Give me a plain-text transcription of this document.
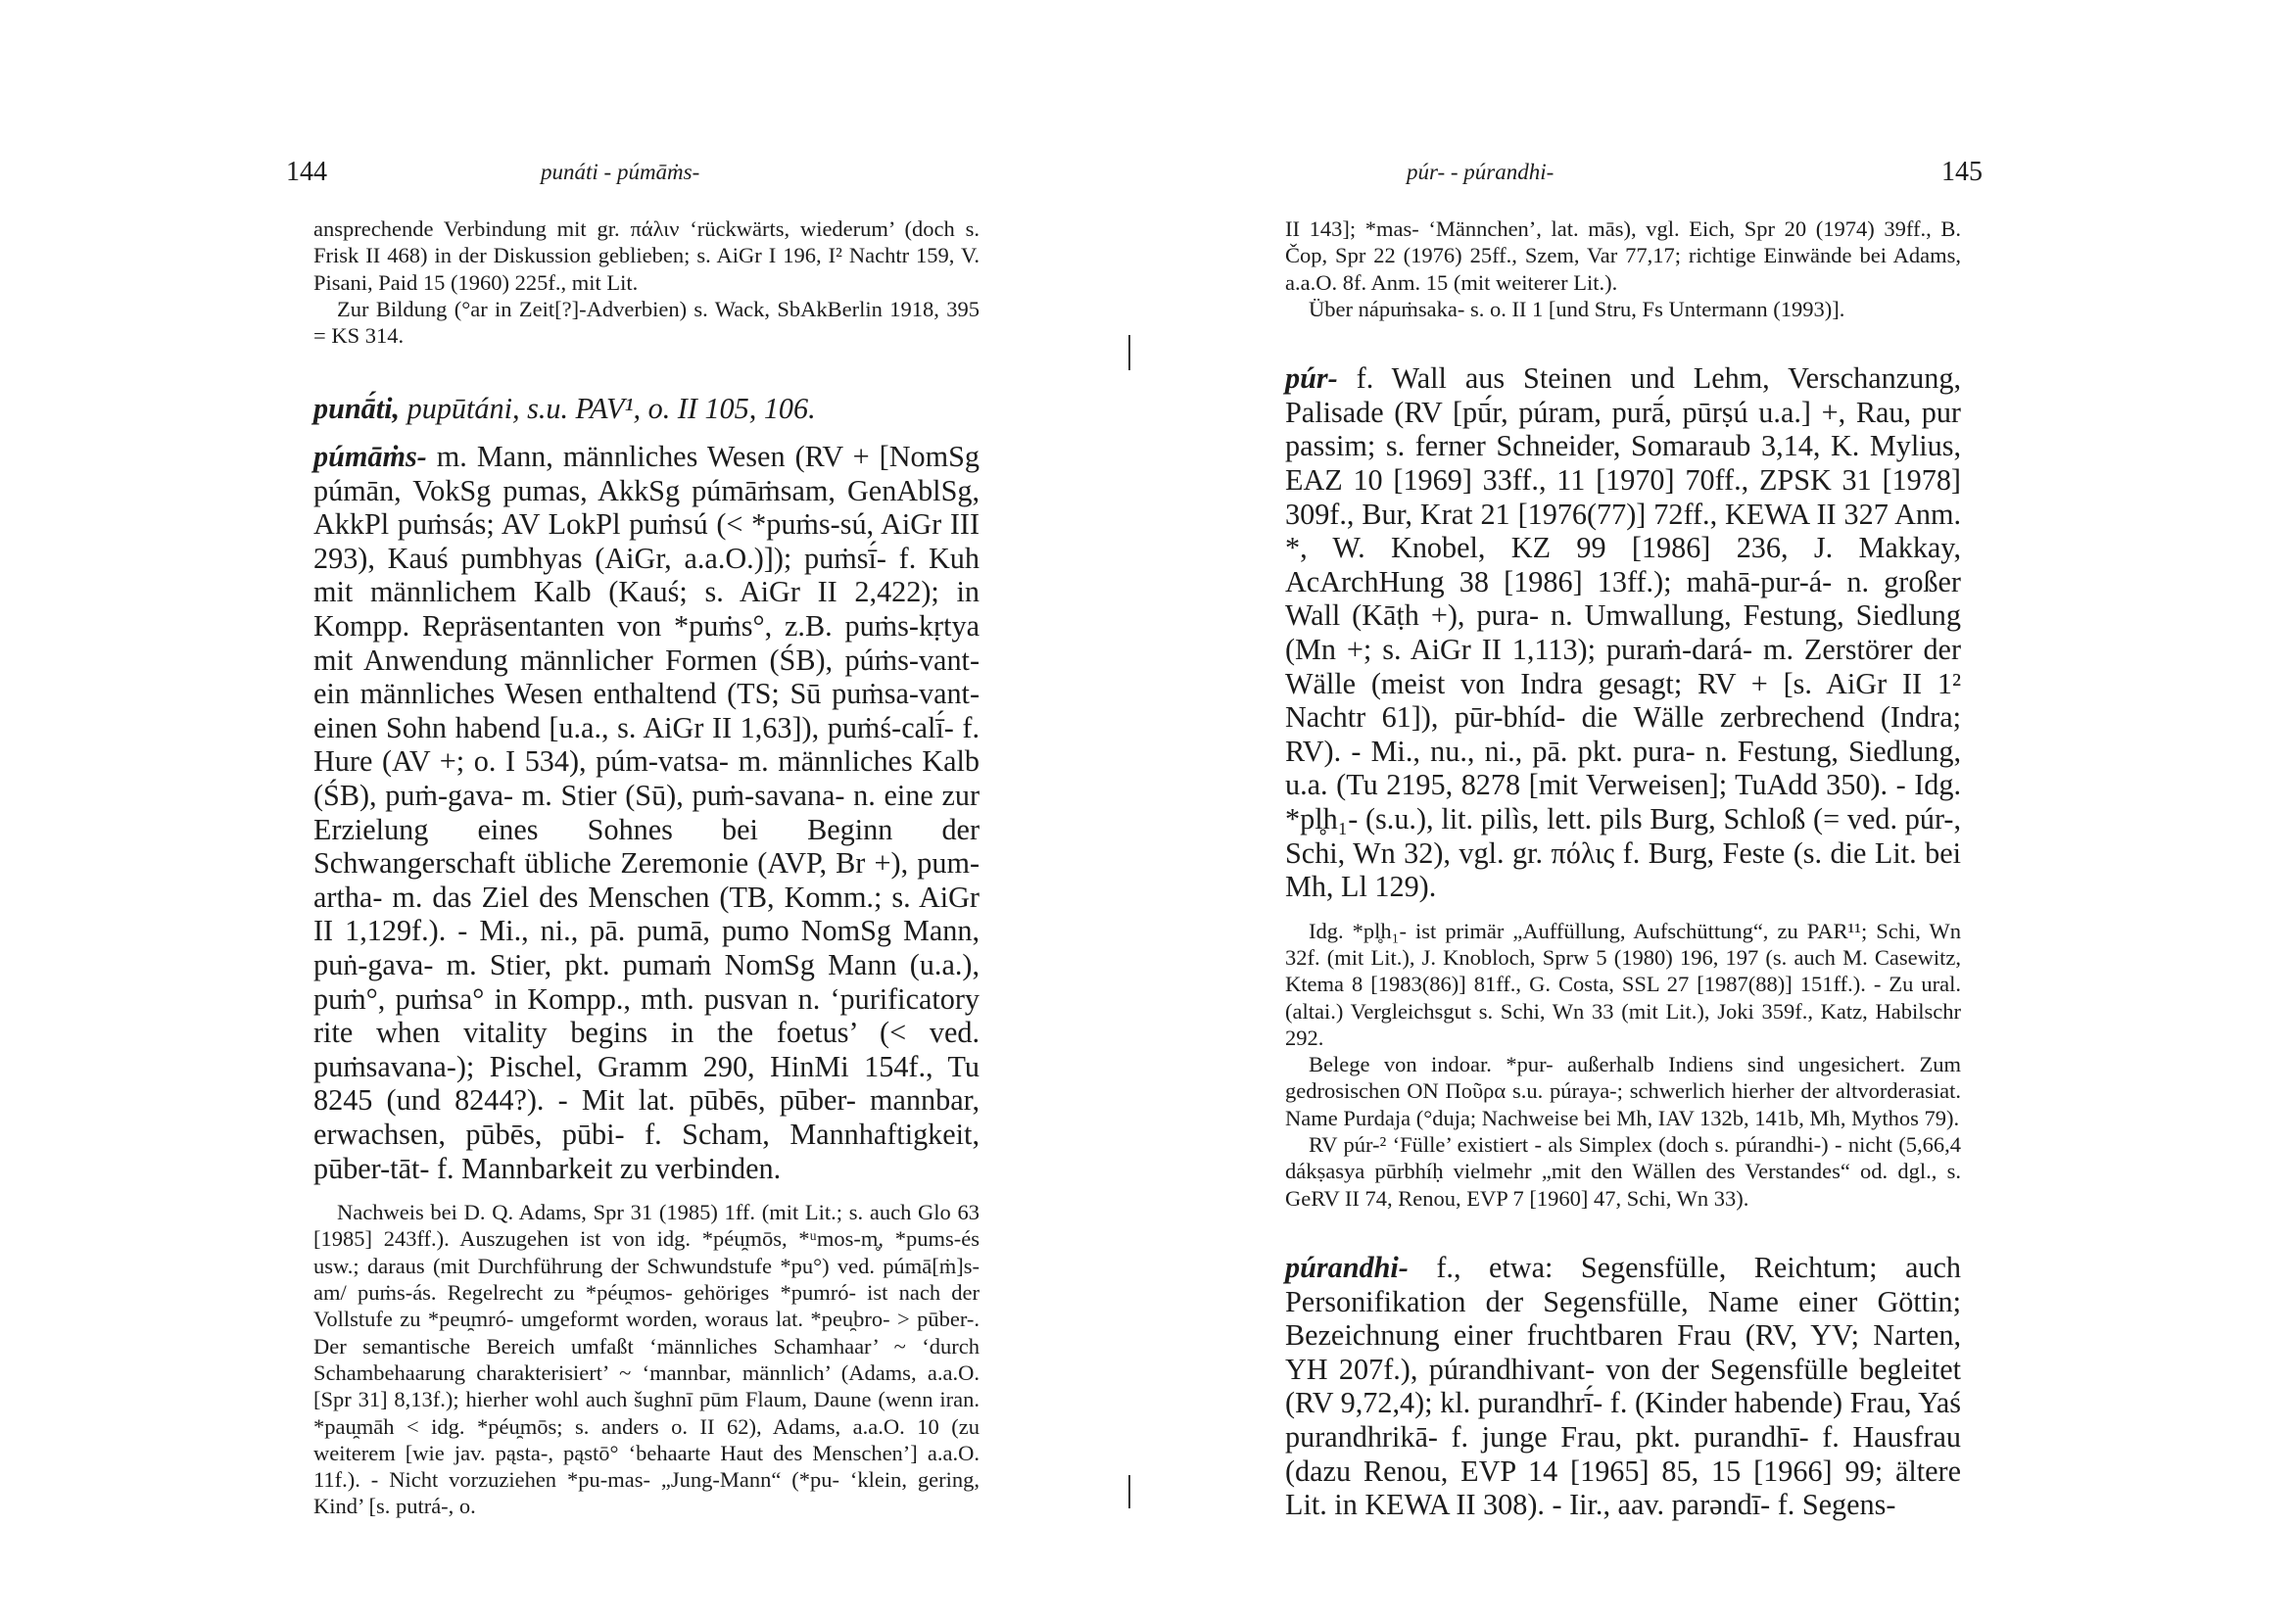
144	punáti - púmāṁs-

ansprechende Verbindung mit gr. πάλιν ‘rückwärts, wiederum’ (doch s. Frisk II 468) in der Diskussion geblieben; s. AiGr I 196, I² Nachtr 159, V. Pisani, Paid 15 (1960) 225f., mit Lit.

Zur Bildung (°ar in Zeit[?]-Adverbien) s. Wack, SbAkBerlin 1918, 395 = KS 314.

punā́ti, pupūtáni, s.u. PAV¹, o. II 105, 106.

púmāṁs- m. Mann, männliches Wesen (RV + [NomSg púmān, VokSg pumas, AkkSg púmāṁsam, GenAblSg, AkkPl puṁsás; AV LokPl puṁsú (< *puṁs-sú, AiGr III 293), Kauś pumbhyas (AiGr, a.a.O.)]); puṁsī́- f. Kuh mit männlichem Kalb (Kauś; s. AiGr II 2,422); in Kompp. Repräsentanten von *puṁs°, z.B. puṁs-kṛtya mit Anwendung männlicher Formen (ŚB), púṁs-vant- ein männliches Wesen enthaltend (TS; Sū puṁsa-vant- einen Sohn habend [u.a., s. AiGr II 1,63]), puṁś-calī́- f. Hure (AV +; o. I 534), púm-vatsa- m. männliches Kalb (ŚB), puṁ-gava- m. Stier (Sū), puṁ-savana- n. eine zur Erzielung eines Sohnes bei Beginn der Schwangerschaft übliche Zeremonie (AVP, Br +), pum-artha- m. das Ziel des Menschen (TB, Komm.; s. AiGr II 1,129f.). - Mi., ni., pā. pumā, pumo NomSg Mann, puṅ-gava- m. Stier, pkt. pumaṁ NomSg Mann (u.a.), puṁ°, puṁsa° in Kompp., mth. pusvan n. ‘purificatory rite when vitality begins in the foetus’ (< ved. puṁsavana-); Pischel, Gramm 290, HinMi 154f., Tu 8245 (und 8244?). - Mit lat. pūbēs, pūber- mannbar, erwachsen, pūbēs, pūbi- f. Scham, Mannhaftigkeit, pūber-tāt- f. Mannbarkeit zu verbinden.

Nachweis bei D. Q. Adams, Spr 31 (1985) 1ff. (mit Lit.; s. auch Glo 63 [1985] 243ff.). Auszugehen ist von idg. *péu̯mōs, *ᵘmos-m̥, *pums-és usw.; daraus (mit Durchführung der Schwundstufe *pu°) ved. púmā[ṁ]s-am/ puṁs-ás. Regelrecht zu *péu̯mos- gehöriges *pumró- ist nach der Vollstufe zu *peu̯mró- umgeformt worden, woraus lat. *peu̯bro- > pūber-. Der semantische Bereich umfaßt ‘männliches Schamhaar’ ~ ‘durch Schambehaarung charakterisiert’ ~ ‘mannbar, männlich’ (Adams, a.a.O. [Spr 31] 8,13f.); hierher wohl auch šughnī pūm Flaum, Daune (wenn iran. *pau̯māh < idg. *péu̯mōs; s. anders o. II 62), Adams, a.a.O. 10 (zu weiterem [wie jav. pąsta-, pąstō° ‘behaarte Haut des Menschen’] a.a.O. 11f.). - Nicht vorzuziehen *pu-mas- „Jung-Mann“ (*pu- ‘klein, gering, Kind’ [s. putrá-, o.

púr- - púrandhi-	145

II 143]; *mas- ‘Männchen’, lat. mās), vgl. Eich, Spr 20 (1974) 39ff., B. Čop, Spr 22 (1976) 25ff., Szem, Var 77,17; richtige Einwände bei Adams, a.a.O. 8f. Anm. 15 (mit weiterer Lit.).

Über nápuṁsaka- s. o. II 1 [und Stru, Fs Untermann (1993)].

púr- f. Wall aus Steinen und Lehm, Verschanzung, Palisade (RV [pū́r, púram, purā́, pūrṣú u.a.] +, Rau, pur passim; s. ferner Schneider, Somaraub 3,14, K. Mylius, EAZ 10 [1969] 33ff., 11 [1970] 70ff., ZPSK 31 [1978] 309f., Bur, Krat 21 [1976(77)] 72ff., KEWA II 327 Anm. *, W. Knobel, KZ 99 [1986] 236, J. Makkay, AcArchHung 38 [1986] 13ff.); mahā-pur-á- n. großer Wall (Kāṭh +), pura- n. Umwallung, Festung, Siedlung (Mn +; s. AiGr II 1,113); puraṁ-dará- m. Zerstörer der Wälle (meist von Indra gesagt; RV + [s. AiGr II 1² Nachtr 61]), pūr-bhíd- die Wälle zerbrechend (Indra; RV). - Mi., nu., ni., pā. pkt. pura- n. Festung, Siedlung, u.a. (Tu 2195, 8278 [mit Verweisen]; TuAdd 350). - Idg. *pl̥h₁- (s.u.), lit. pilìs, lett. pils Burg, Schloß (= ved. púr-, Schi, Wn 32), vgl. gr. πόλις f. Burg, Feste (s. die Lit. bei Mh, Ll 129).

Idg. *pl̥h₁- ist primär „Auffüllung, Aufschüttung“, zu PAR¹¹; Schi, Wn 32f. (mit Lit.), J. Knobloch, Sprw 5 (1980) 196, 197 (s. auch M. Casewitz, Ktema 8 [1983(86)] 81ff., G. Costa, SSL 27 [1987(88)] 151ff.). - Zu ural. (altai.) Vergleichsgut s. Schi, Wn 33 (mit Lit.), Joki 359f., Katz, Habilschr 292.

Belege von indoar. *pur- außerhalb Indiens sind ungesichert. Zum gedrosischen ON Ποῦρα s.u. púraya-; schwerlich hierher der altvorderasiat. Name Purdaja (°duja; Nachweise bei Mh, IAV 132b, 141b, Mh, Mythos 79).

RV púr-² ‘Fülle’ existiert - als Simplex (doch s. púrandhi-) - nicht (5,66,4 dákṣasya pūrbhíḥ vielmehr „mit den Wällen des Verstandes“ od. dgl., s. GeRV II 74, Renou, EVP 7 [1960] 47, Schi, Wn 33).

púrandhi- f., etwa: Segensfülle, Reichtum; auch Personifikation der Segensfülle, Name einer Göttin; Bezeichnung einer fruchtbaren Frau (RV, YV; Narten, YH 207f.), púrandhivant- von der Segensfülle begleitet (RV 9,72,4); kl. purandhrī́- f. (Kinder habende) Frau, Yaś purandhrikā- f. junge Frau, pkt. purandhī- f. Hausfrau (dazu Renou, EVP 14 [1965] 85, 15 [1966] 99; ältere Lit. in KEWA II 308). - Iir., aav. parəndī- f. Segens-
